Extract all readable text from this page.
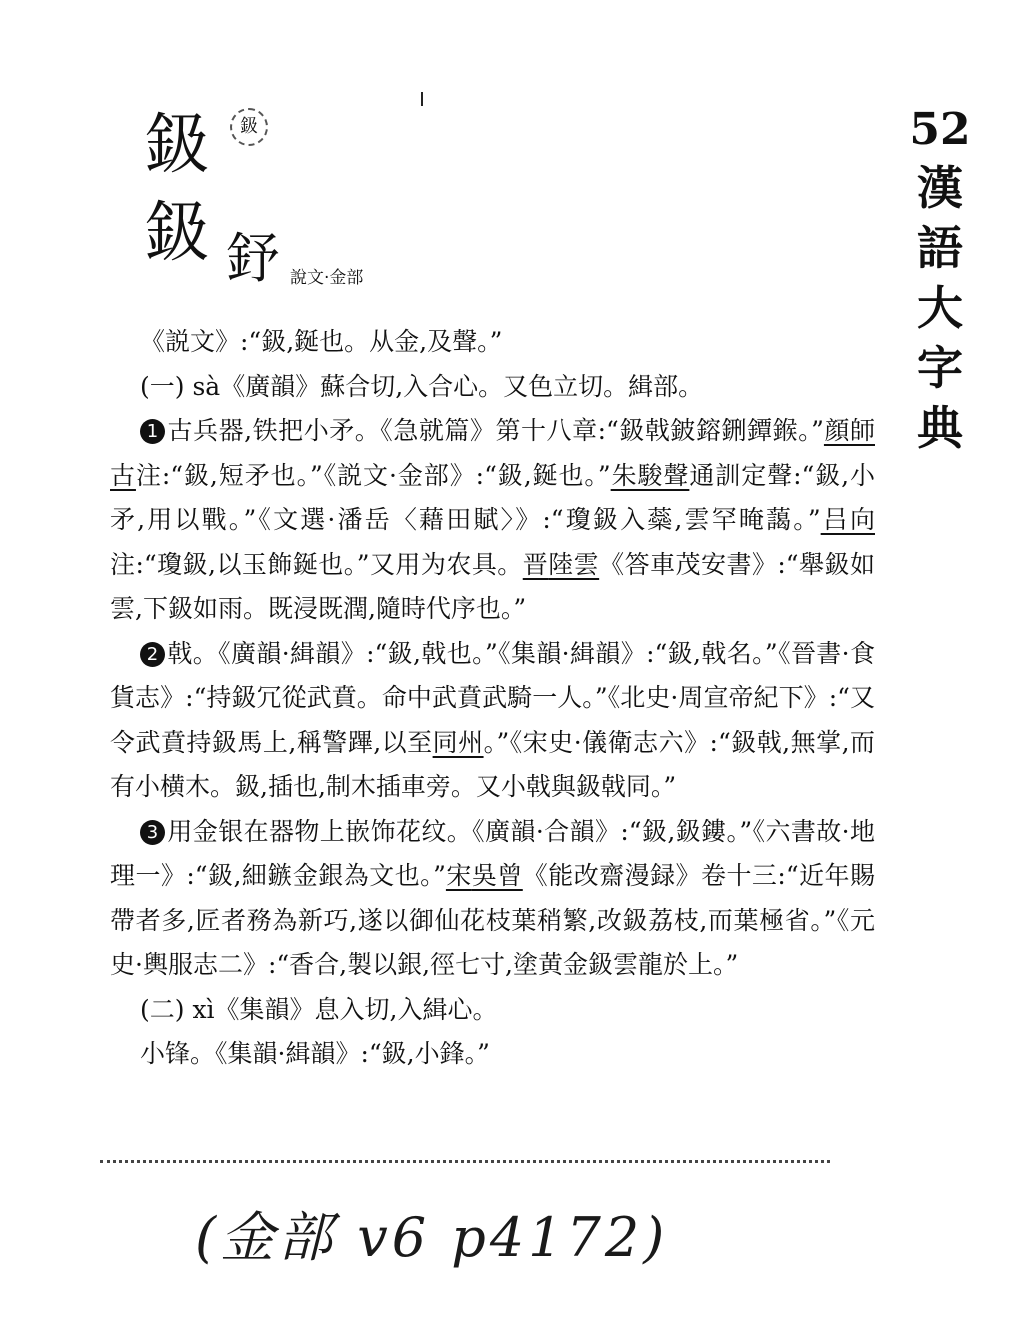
鈒	鈒
鈒 𨥤 說文·金部
52
漢
語
大
字
典

《説文》:“鈒,鋋也。从金,及聲。”

(一) sà《廣韻》蘇合切,入合心。又色立切。緝部。

1 古兵器,铁把小矛。《急就篇》第十八章:“鈒戟鈹鎔鉶鐔鍭。”顔師古注:“鈒,短矛也。”《説文·金部》:“鈒,鋋也。”朱駿聲通訓定聲:“鈒,小矛,用以戰。”《文選·潘岳〈藉田賦〉》:“瓊鈒入蘂,雲罕晻藹。”吕向注:“瓊鈒,以玉飾鋋也。”又用为农具。晋陸雲《答車茂安書》:“舉鈒如雲,下鈒如雨。既浸既潤,隨時代序也。”

2 戟。《廣韻·緝韻》:“鈒,戟也。”《集韻·緝韻》:“鈒,戟名。”《晉書·食貨志》:“持鈒冗從武賁。命中武賁武騎一人。”《北史·周宣帝紀下》:“又令武賁持鈒馬上,稱警蹕,以至同州。”《宋史·儀衛志六》:“鈒戟,無掌,而有小横木。鈒,插也,制木插車旁。又小戟與鈒戟同。”

3 用金银在器物上嵌饰花纹。《廣韻·合韻》:“鈒,鈒鏤。”《六書故·地理一》:“鈒,細鏃金銀為文也。”宋吳曾《能改齋漫録》卷十三:“近年賜帶者多,匠者務為新巧,遂以御仙花枝葉稍繁,改鈒荔枝,而葉極省。”《元史·輿服志二》:“香合,製以銀,徑七寸,塗黄金鈒雲龍於上。”

(二) xì《集韻》息入切,入緝心。

小锋。《集韻·緝韻》:“鈒,小鋒。”

(金部 v6 p4172)
